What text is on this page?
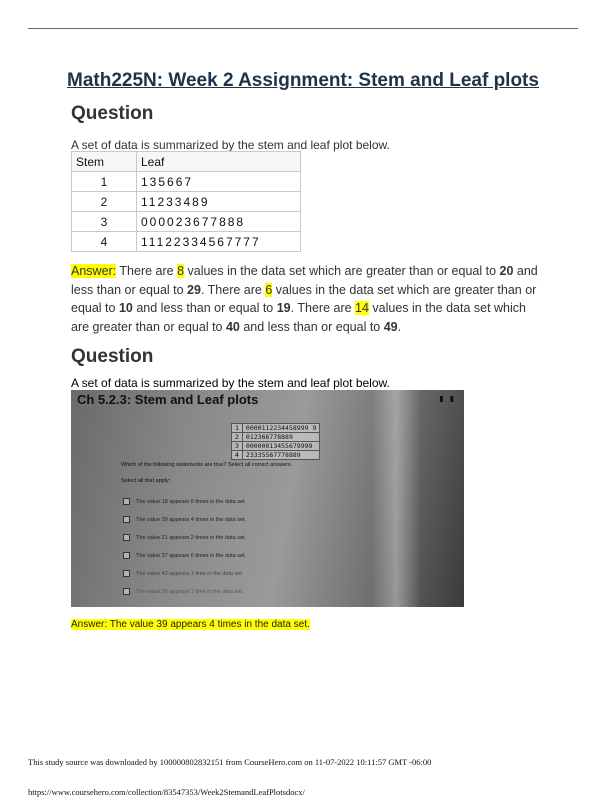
Math225N: Week 2 Assignment: Stem and Leaf plots
Question
A set of data is summarized by the stem and leaf plot below.
Stem	Leaf
1	135667
2	11233489
3	000023677888
4	11122334567777
Answer: There are 8 values in the data set which are greater than or equal to 20 and less than or equal to 29. There are 6 values in the data set which are greater than or equal to 10 and less than or equal to 19. There are 14 values in the data set which are greater than or equal to 40 and less than or equal to 49.
Question
A set of data is summarized by the stem and leaf plot below.
Ch 5.2.3: Stem and Leaf plots	▮▮
1	0000112234458999 9
2	012366778889
3	00000013455679999
4	23335567778889
Which of the following statements are true? Select all correct answers.
Select all that apply:
The value 18 appears 0 times in the data set.
The value 39 appears 4 times in the data set.
The value 21 appears 2 times in the data set.
The value 37 appears 0 times in the data set.
The value 42 appears 1 time in the data set.
The value 20 appears 1 time in the data set.
Answer: The value 39 appears 4 times in the data set.
This study source was downloaded by 100000802832151 from CourseHero.com on 11-07-2022 10:11:57 GMT -06:00
https://www.coursehero.com/collection/83547353/Week2StemandLeafPlotsdocx/
